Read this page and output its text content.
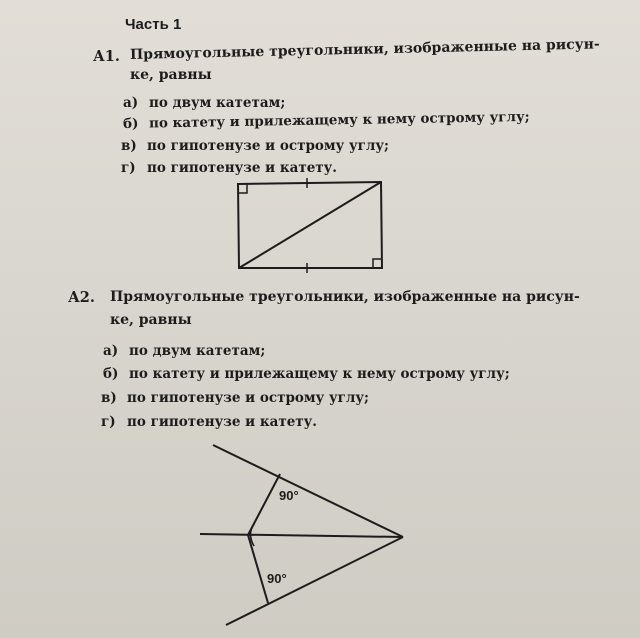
Часть 1
А1. Прямоугольные треугольники, изображенные на рисун-
ке, равны
а) по двум катетам;
б) по катету и прилежащему к нему острому углу;
в) по гипотенузе и острому углу;
г) по гипотенузе и катету.
А2. Прямоугольные треугольники, изображенные на рисун-
ке, равны
а) по двум катетам;
б) по катету и прилежащему к нему острому углу;
в) по гипотенузе и острому углу;
г) по гипотенузе и катету.
90°
90°
